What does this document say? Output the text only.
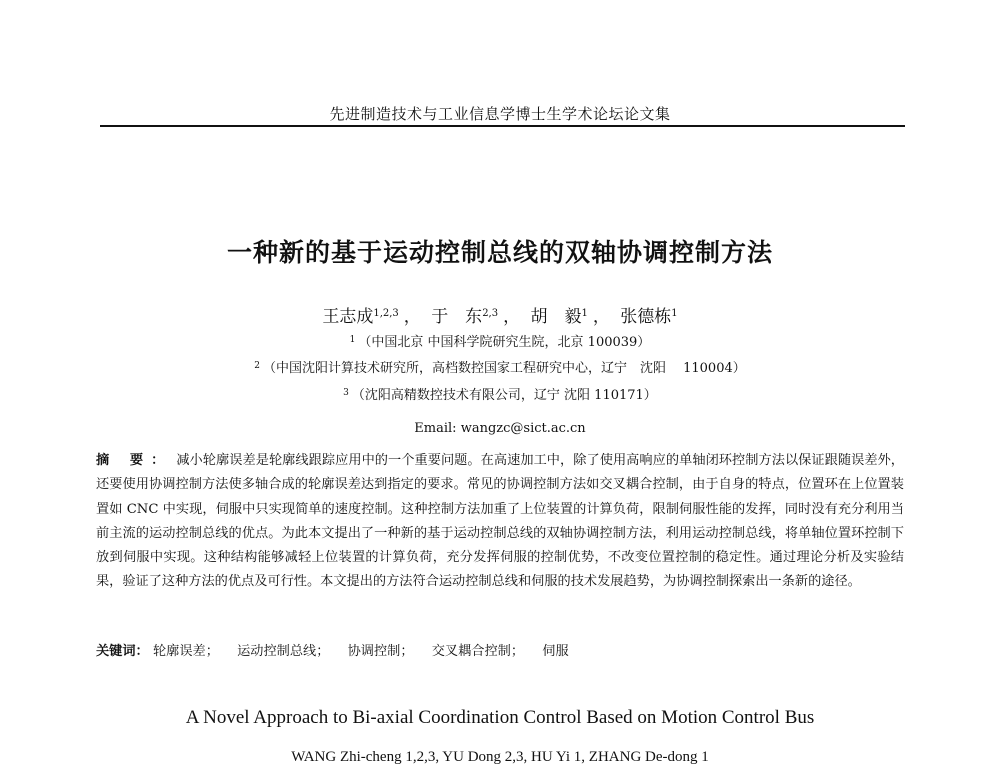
先进制造技术与工业信息学博士生学术论坛论文集
一种新的基于运动控制总线的双轴协调控制方法
王志成$^{1,2,3}$ ， 于　东$^{2,3}$ ， 胡　毅$^1$ ， 张德栋$^1$
$^1$ （中国北京 中国科学院研究生院，北京 100039）
$^2$ （中国沈阳计算技术研究所，高档数控国家工程研究中心，辽宁　沈阳　 110004）
$^3$ （沈阳高精数控技术有限公司，辽宁 沈阳 110171）
Email: wangzc@sict.ac.cn
摘 要： 减小轮廓误差是轮廓线跟踪应用中的一个重要问题。在高速加工中，除了使用高响应的单轴闭环控制方法以保证跟随误差外，还要使用协调控制方法使多轴合成的轮廓误差达到指定的要求。常见的协调控制方法如交叉耦合控制，由于自身的特点，位置环在上位置装置如 CNC 中实现，伺服中只实现简单的速度控制。这种控制方法加重了上位装置的计算负荷，限制伺服性能的发挥，同时没有充分利用当前主流的运动控制总线的优点。为此本文提出了一种新的基于运动控制总线的双轴协调控制方法，利用运动控制总线，将单轴位置环控制下放到伺服中实现。这种结构能够减轻上位装置的计算负荷，充分发挥伺服的控制优势，不改变位置控制的稳定性。通过理论分析及实验结果，验证了这种方法的优点及可行性。本文提出的方法符合运动控制总线和伺服的技术发展趋势，为协调控制探索出一条新的途径。
关键词： 轮廓误差； 运动控制总线； 协调控制； 交叉耦合控制； 伺服
A Novel Approach to Bi-axial Coordination Control Based on Motion Control Bus
WANG Zhi-cheng 1,2,3, YU Dong 2,3, HU Yi 1, ZHANG De-dong 1
